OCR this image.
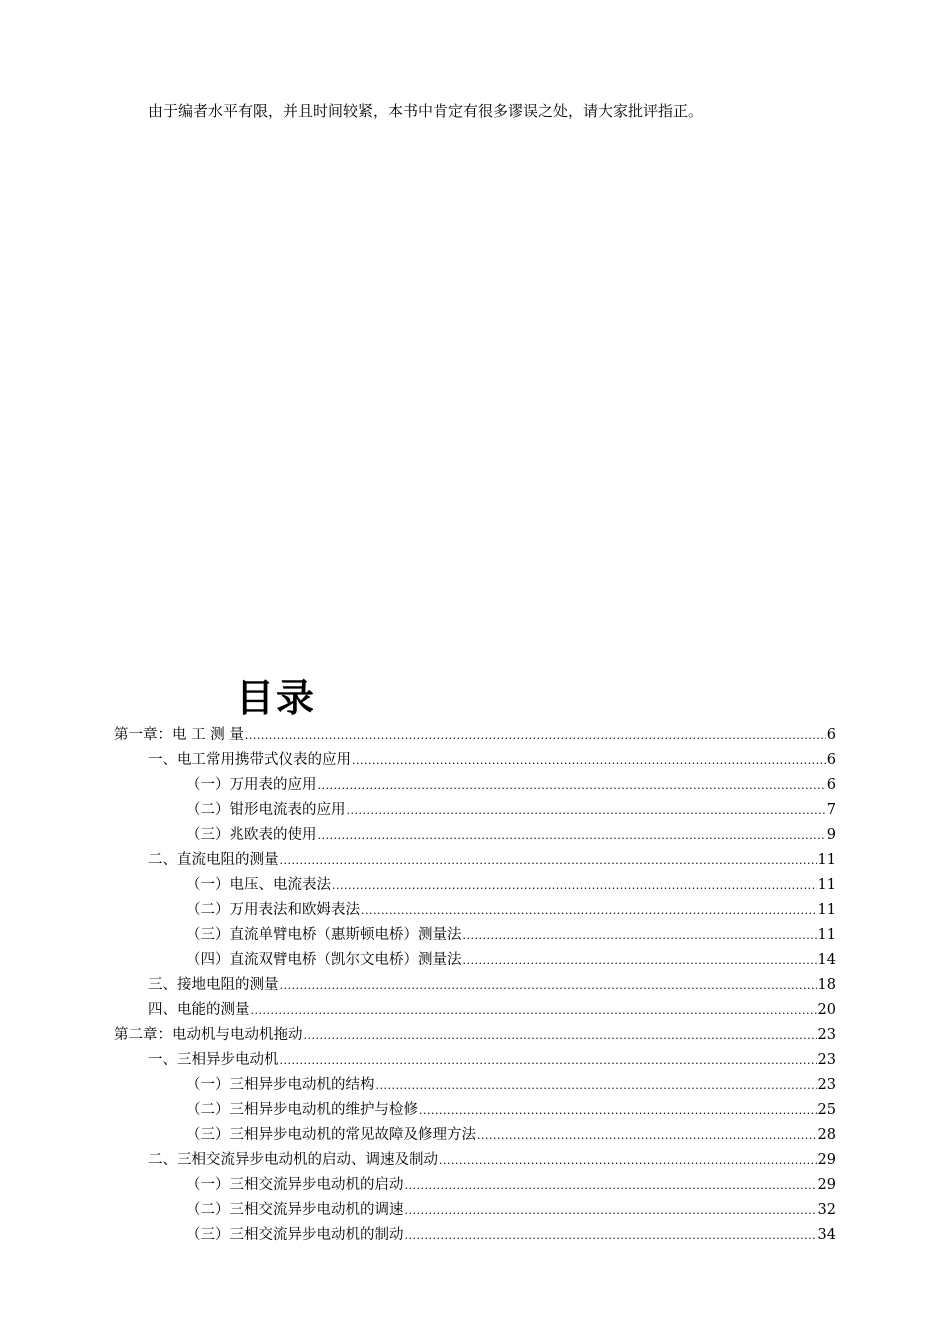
由于编者水平有限，并且时间较紧，本书中肯定有很多谬误之处，请大家批评指正。

目录
第一章：电 工 测 量 .....	6
一、电工常用携带式仪表的应用 .....	6
（一）万用表的应用 .....	6
（二）钳形电流表的应用 .....	7
（三）兆欧表的使用 .....	9
二、直流电阻的测量 .....	11
（一）电压、电流表法 .....	11
（二）万用表法和欧姆表法 .....	11
（三）直流单臂电桥（惠斯顿电桥）测量法 .....	11
（四）直流双臂电桥（凯尔文电桥）测量法 .....	14
三、接地电阻的测量 .....	18
四、电能的测量 .....	20
第二章：电动机与电动机拖动 .....	23
一、三相异步电动机 .....	23
（一）三相异步电动机的结构 .....	23
（二）三相异步电动机的维护与检修 .....	25
（三）三相异步电动机的常见故障及修理方法 .....	28
二、三相交流异步电动机的启动、调速及制动 .....	29
（一）三相交流异步电动机的启动 .....	29
（二）三相交流异步电动机的调速 .....	32
（三）三相交流异步电动机的制动 .....	34
